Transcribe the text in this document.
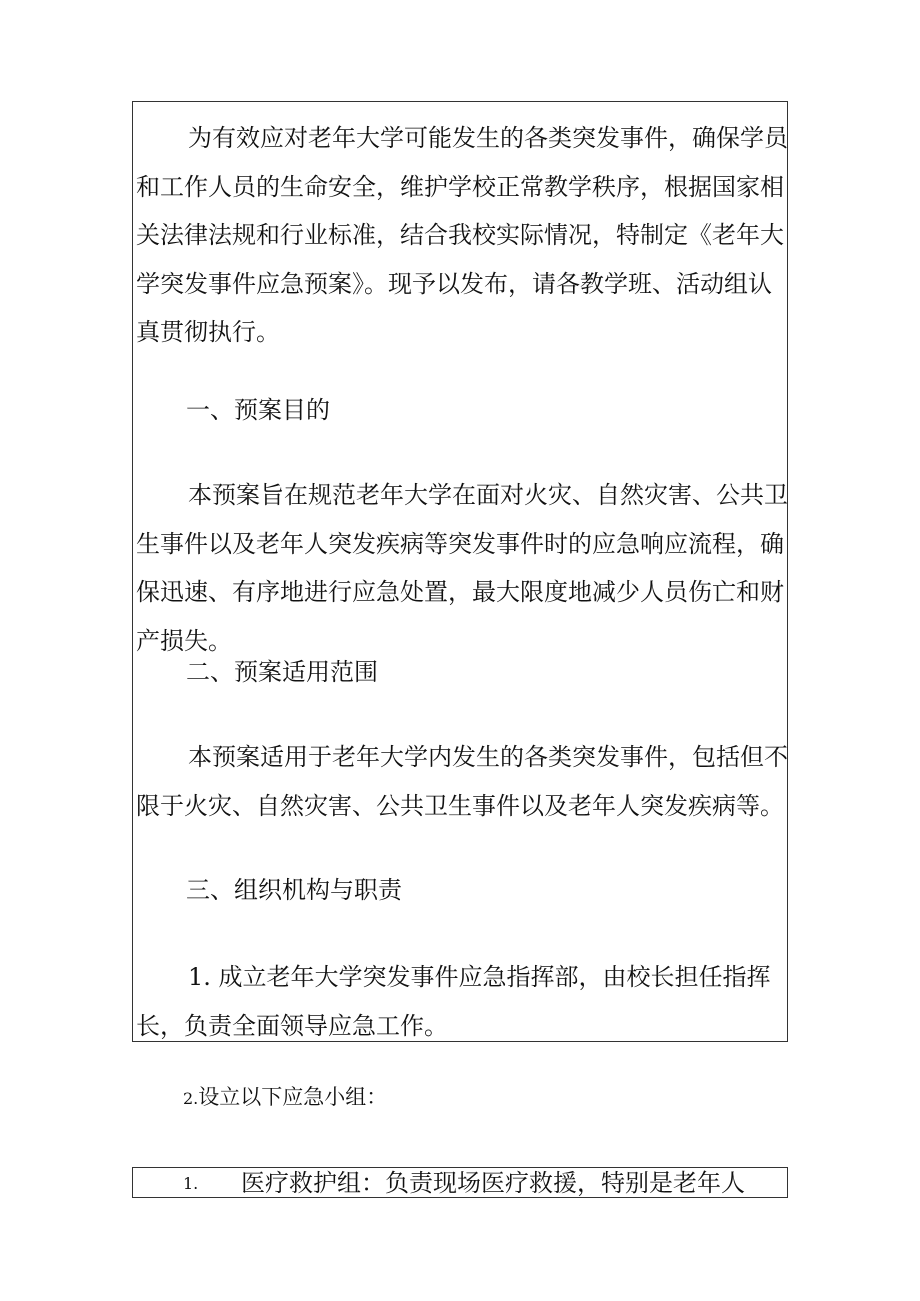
为有效应对老年大学可能发生的各类突发事件，确保学员和工作人员的生命安全，维护学校正常教学秩序，根据国家相关法律法规和行业标准，结合我校实际情况，特制定《老年大学突发事件应急预案》。现予以发布，请各教学班、活动组认真贯彻执行。

一、预案目的

本预案旨在规范老年大学在面对火灾、自然灾害、公共卫生事件以及老年人突发疾病等突发事件时的应急响应流程，确保迅速、有序地进行应急处置，最大限度地减少人员伤亡和财产损失。

二、预案适用范围

本预案适用于老年大学内发生的各类突发事件，包括但不限于火灾、自然灾害、公共卫生事件以及老年人突发疾病等。

三、组织机构与职责

1. 成立老年大学突发事件应急指挥部，由校长担任指挥长，负责全面领导应急工作。

2.设立以下应急小组：
1. 医疗救护组：负责现场医疗救援，特别是老年人
